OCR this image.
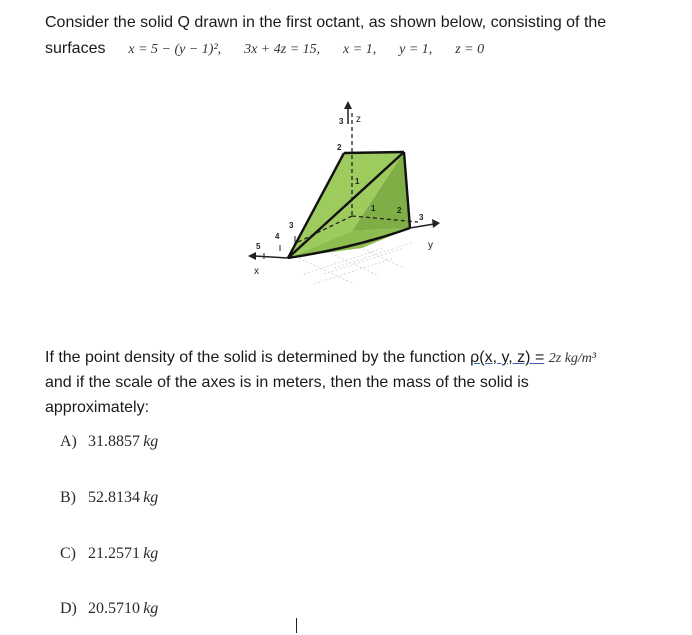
Consider the solid Q drawn in the first octant, as shown below, consisting of the
surfaces x = 5 − (y − 1)², 3x + 4z = 15, x = 1, y = 1, z = 0
z
x
y
3
2
1
5
4
3
1	2
3
If the point density of the solid is determined by the function ρ(x, y, z) = 2z kg/m³
and if the scale of the axes is in meters, then the mass of the solid is
approximately:
A) 31.8857  kg
B) 52.8134  kg
C) 21.2571  kg
D) 20.5710  kg
